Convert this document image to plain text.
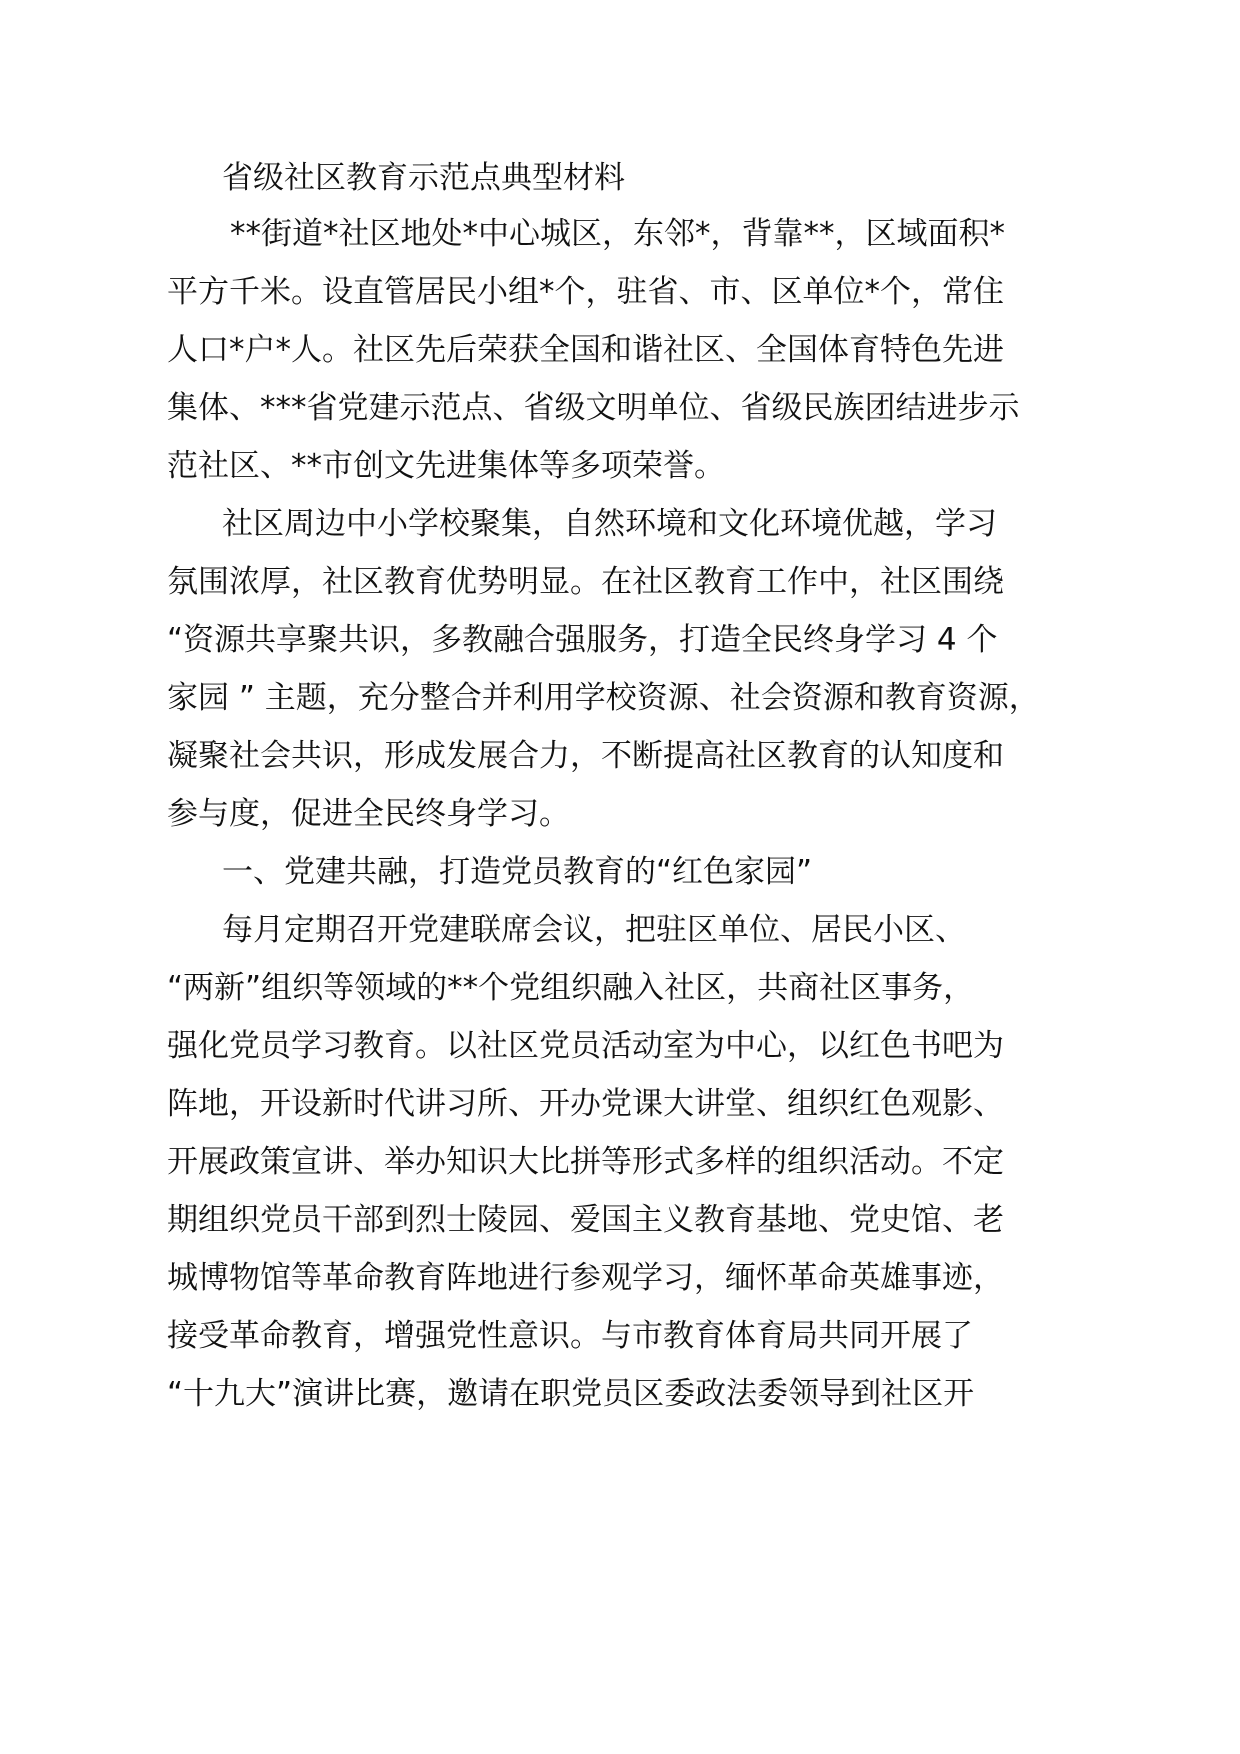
省级社区教育示范点典型材料
**街道*社区地处*中心城区，东邻*，背靠**，区域面积*
平方千米。设直管居民小组*个，驻省、市、区单位*个，常住
人口*户*人。社区先后荣获全国和谐社区、全国体育特色先进
集体、***省党建示范点、省级文明单位、省级民族团结进步示
范社区、**市创文先进集体等多项荣誉。
社区周边中小学校聚集，自然环境和文化环境优越，学习
氛围浓厚，社区教育优势明显。在社区教育工作中，社区围绕
“资源共享聚共识，多教融合强服务，打造全民终身学习 4 个
家园 ” 主题，充分整合并利用学校资源、社会资源和教育资源，
凝聚社会共识，形成发展合力，不断提高社区教育的认知度和
参与度，促进全民终身学习。
一、党建共融，打造党员教育的“红色家园”
每月定期召开党建联席会议，把驻区单位、居民小区、
“两新”组织等领域的**个党组织融入社区，共商社区事务，
强化党员学习教育。以社区党员活动室为中心，以红色书吧为
阵地，开设新时代讲习所、开办党课大讲堂、组织红色观影、
开展政策宣讲、举办知识大比拼等形式多样的组织活动。不定
期组织党员干部到烈士陵园、爱国主义教育基地、党史馆、老
城博物馆等革命教育阵地进行参观学习，缅怀革命英雄事迹，
接受革命教育，增强党性意识。与市教育体育局共同开展了
“十九大”演讲比赛，邀请在职党员区委政法委领导到社区开
